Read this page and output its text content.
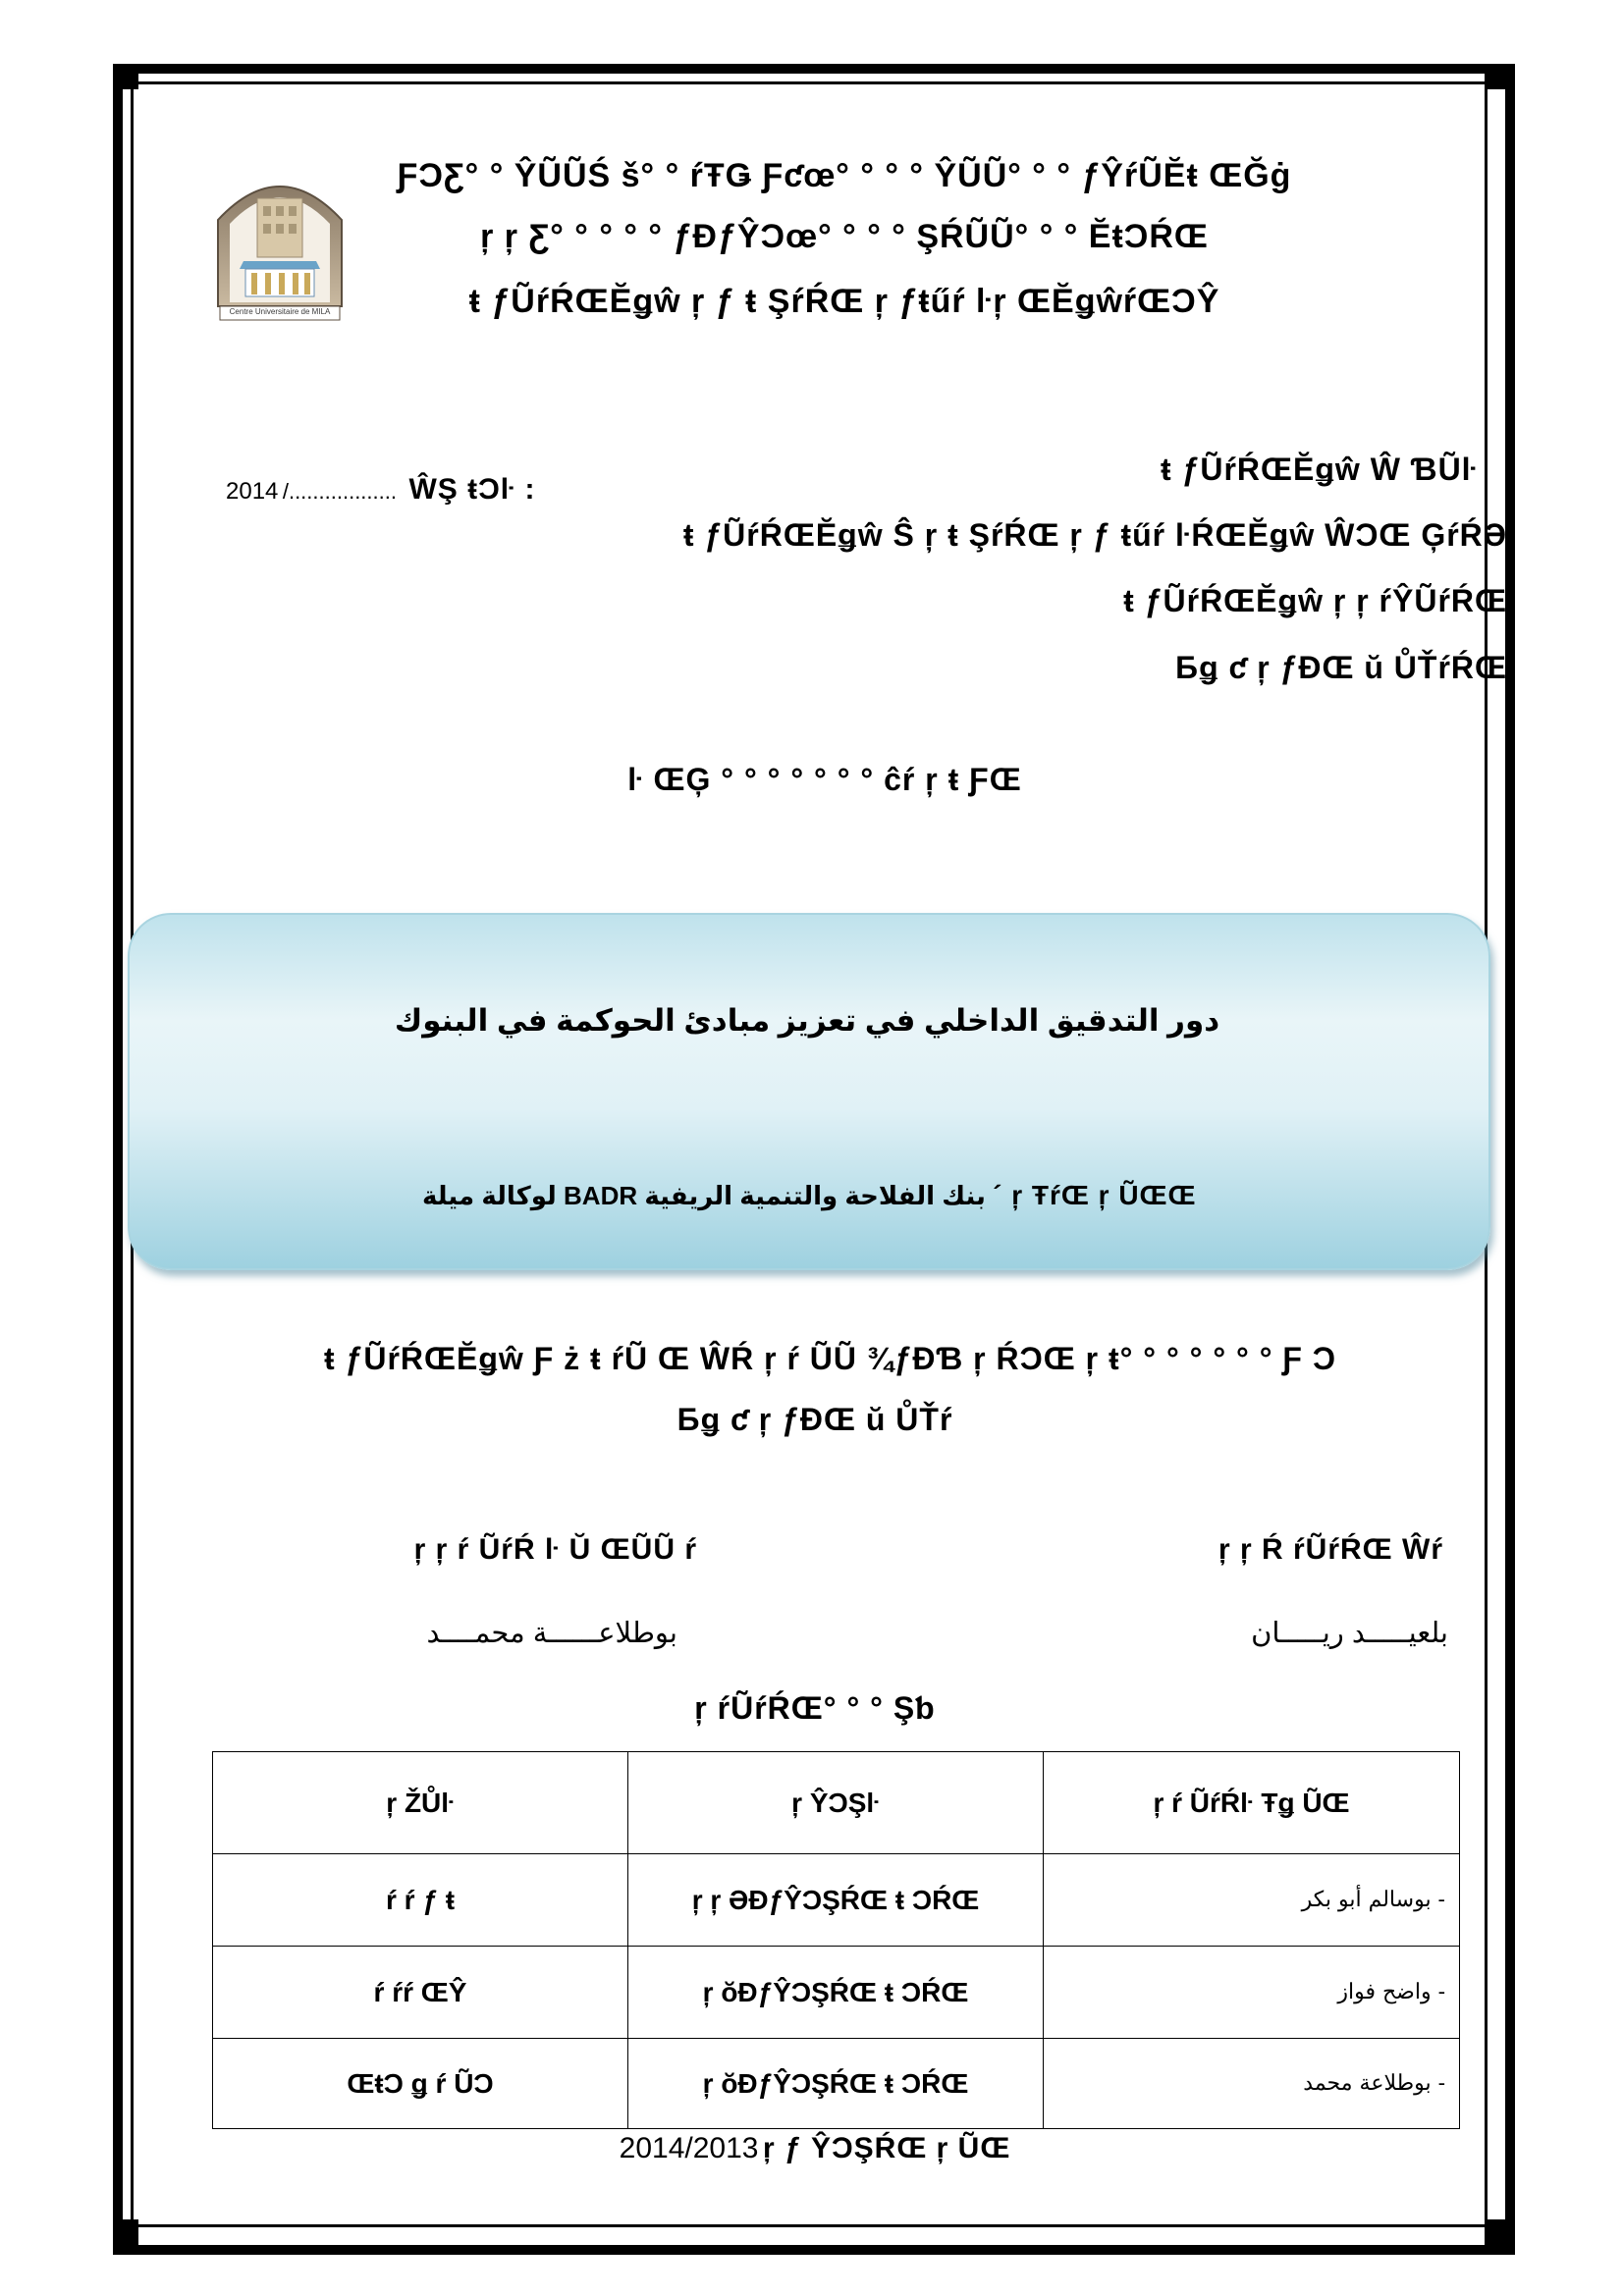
Centre Universitaire de MILA
ƑƆƸ° ° ŶŨŨŚ š° ° ŕŦǤ Ƒƈœ° ° ° ° ŶŨŨ° ° ° ƒŶŕŨĔŧ ŒĞġ
ŗ ŗ Ƹ° ° ° ° ° ƒƉƒŶƆœ° ° ° ° ŞŔŨŨ° ° ° ĔŧƆŔŒ
ŧ ƒŨŕŔŒĔǥŵ ŗ ƒ ŧ ŞŕŔŒ ŗ ƒŧűŕ ŀŗ ŒĔǥŵŕŒƆŶ
2014 /.................. ŴŞ ŧƆŀ :
ŧ ƒŨŕŔŒĔǥŵ Ŵ ƁŨŀ
ŧ ƒŨŕŔŒĔǥŵ Ŝ ŗ ŧ ŞŕŔŒ ŗ ƒ ŧűŕ ŀŔŒĔǥŵ ŴƆŒ ĢŕŔƏ
ŧ ƒŨŕŔŒĔǥŵ ŗ ŗ ŕŶŨŕŔŒ
Ƃǥ ƈ ŗ ƒƉŒ ŭ ŮŤŕŔŒ
ŀ ŒĢ ° ° ° ° ° ° ° ĉŕ ŗ ŧ ƑŒ
دور التدقيق الداخلي في تعزيز مبادئ الحوكمة في البنوك
ŗ ŦŕŒ ŗ ŨŒŒ ´ بنك الفلاحة والتنمية الريفية BADR لوكالة ميلة
ŧ ƒŨŕŔŒĔǥŵ Ƒ ż ŧ ŕŨ Œ ŴŔ ŗ ŕ ŨŨ ¾ƒƉƁ ŗ ŔƆŒ ŗ ŧ° ° ° ° ° ° ° Ƒ Ɔ
Ƃǥ ƈ ŗ ƒƉŒ ŭ ŮŤŕ
ŗ ŗ ŕ ŨŕŔ ŀ Ŭ ŒŨŨ ŕ	ŗ ŗ Ŕ ŕŨŕŔŒ Ŵŕ
بوطلاعــــــة محمــــد	بلعيـــــد ريـــــان
ŗ ŕŨŕŔŒ° ° ° Şƅ
ŗ ŽŮŀ	ŗ ŶƆŞŀ	ŗ ŕ ŨŕŔŀ Ŧǥ ŨŒ
ŕ ŕ ƒ ŧ	ŗ ŗ ƏƉƒŶƆŞŔŒ ŧ ƆŔŒ	- بوسالم أبو بكر
ŕ ŕŕ ŒŶ	ŗ ŏƉƒŶƆŞŔŒ ŧ ƆŔŒ	- واضح فواز
ŒŧƆ ǥ ŕ ŨƆ	ŗ ŏƉƒŶƆŞŔŒ ŧ ƆŔŒ	- بوطلاعة محمد
2014/2013 ŗ ƒ ŶƆŞŔŒ ŗ ŨŒ
